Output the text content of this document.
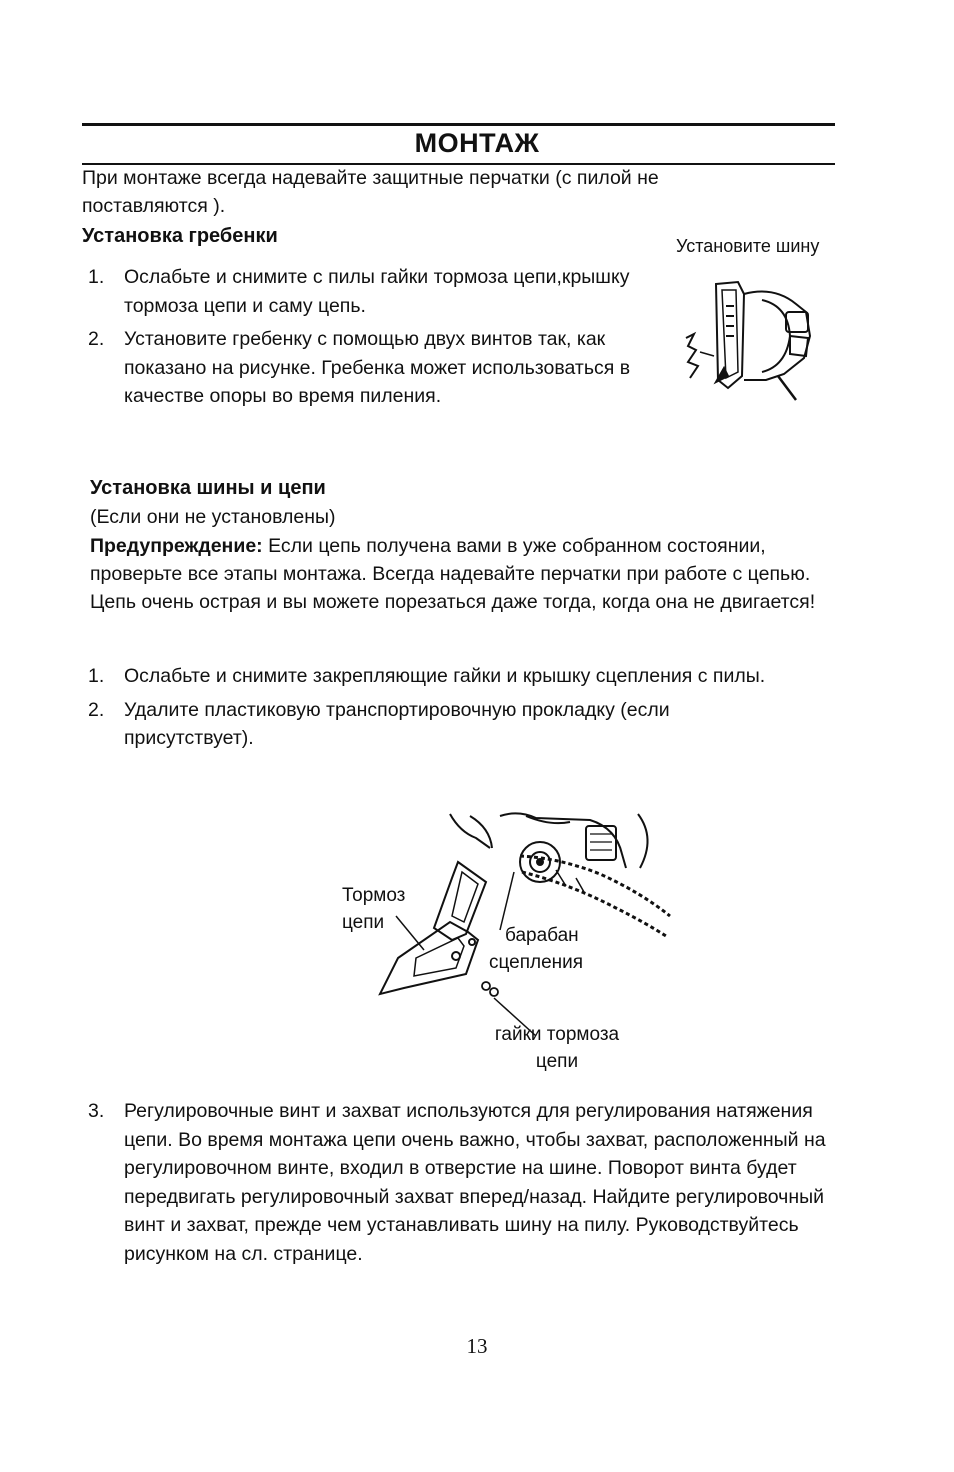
МОНТАЖ
При монтаже всегда надевайте защитные перчатки (с пилой не поставляются ).
Установка гребенки	Установите шину
1. Ослабьте и снимите с пилы гайки тормоза цепи,крышку тормоза цепи и саму цепь.
2. Установите гребенку с помощью двух винтов так, как показано на рисунке. Гребенка может использоваться в качестве опоры во время пиления.
Установка шины и цепи
(Если они не установлены)
Предупреждение: Если цепь получена вами в уже собранном состоянии, проверьте все этапы монтажа. Всегда надевайте перчатки при работе с цепью. Цепь очень острая и вы можете порезаться даже тогда, когда она не двигается!
1. Ослабьте и снимите закрепляющие гайки и крышку сцепления с пилы.
2. Удалите пластиковую транспортировочную прокладку (если присутствует).
Тормоз
цепи
барабан
сцепления
гайки тормоза
цепи
3. Регулировочные винт и захват используются для регулирования натяжения цепи. Во время монтажа цепи очень важно, чтобы захват, расположенный на регулировочном винте, входил в отверстие на шине. Поворот винта будет передвигать регулировочный захват вперед/назад. Найдите регулировочный винт и захват, прежде чем устанавливать шину на пилу. Руководствуйтесь рисунком на сл. странице.
13
